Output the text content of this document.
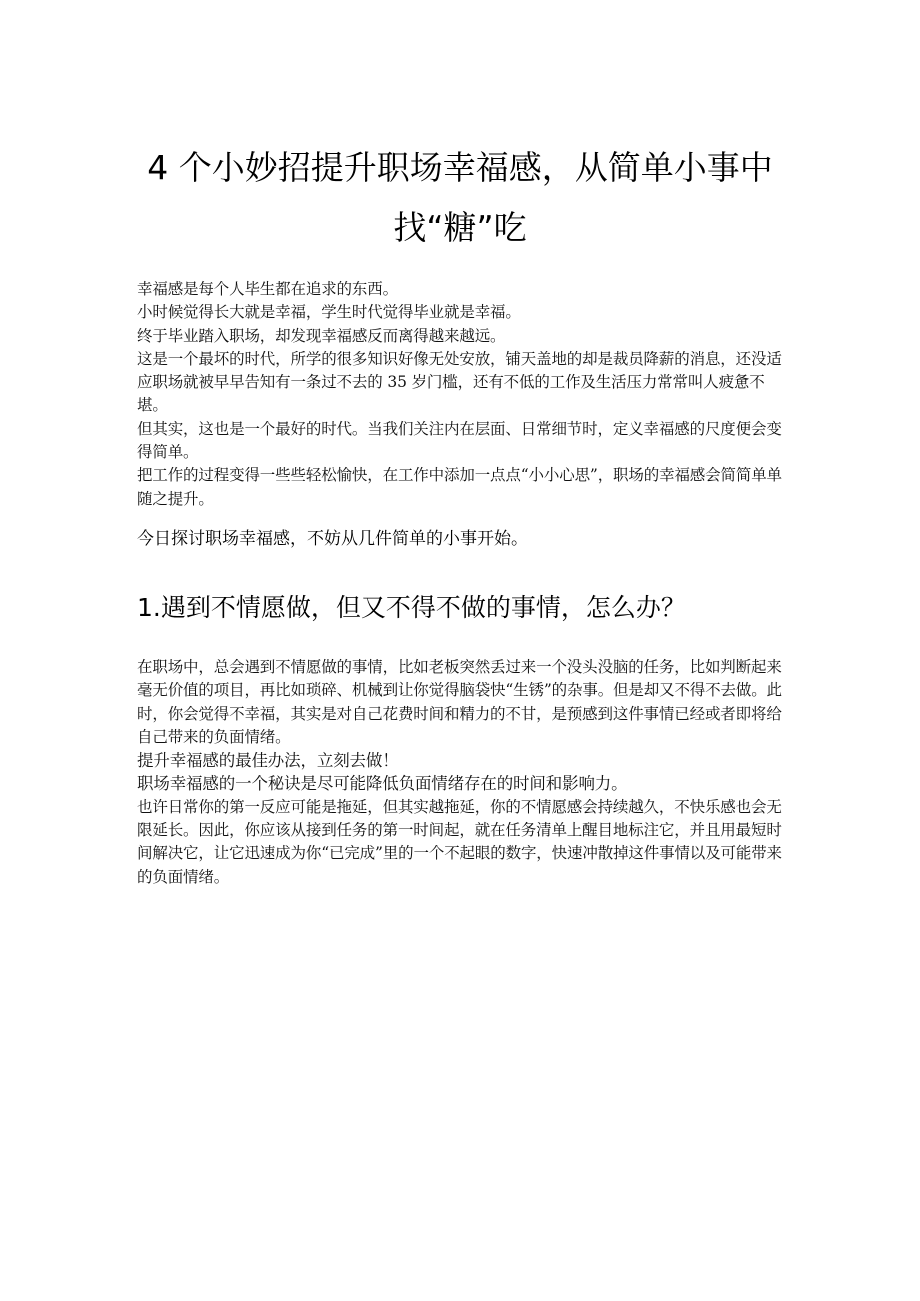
4 个小妙招提升职场幸福感，从简单小事中
找“糖”吃

幸福感是每个人毕生都在追求的东西。

小时候觉得长大就是幸福，学生时代觉得毕业就是幸福。

终于毕业踏入职场，却发现幸福感反而离得越来越远。

这是一个最坏的时代，所学的很多知识好像无处安放，铺天盖地的却是裁员降薪的消息，还没适应职场就被早早告知有一条过不去的 35 岁门槛，还有不低的工作及生活压力常常叫人疲惫不堪。

但其实，这也是一个最好的时代。当我们关注内在层面、日常细节时，定义幸福感的尺度便会变得简单。

把工作的过程变得一些些轻松愉快，在工作中添加一点点“小小心思”，职场的幸福感会简简单单随之提升。

今日探讨职场幸福感，不妨从几件简单的小事开始。

1.遇到不情愿做，但又不得不做的事情，怎么办？

在职场中，总会遇到不情愿做的事情，比如老板突然丢过来一个没头没脑的任务，比如判断起来毫无价值的项目，再比如琐碎、机械到让你觉得脑袋快“生锈”的杂事。但是却又不得不去做。此时，你会觉得不幸福，其实是对自己花费时间和精力的不甘，是预感到这件事情已经或者即将给自己带来的负面情绪。

提升幸福感的最佳办法，立刻去做！

职场幸福感的一个秘诀是尽可能降低负面情绪存在的时间和影响力。

也许日常你的第一反应可能是拖延，但其实越拖延，你的不情愿感会持续越久，不快乐感也会无限延长。因此，你应该从接到任务的第一时间起，就在任务清单上醒目地标注它，并且用最短时间解决它，让它迅速成为你“已完成”里的一个不起眼的数字，快速冲散掉这件事情以及可能带来的负面情绪。
